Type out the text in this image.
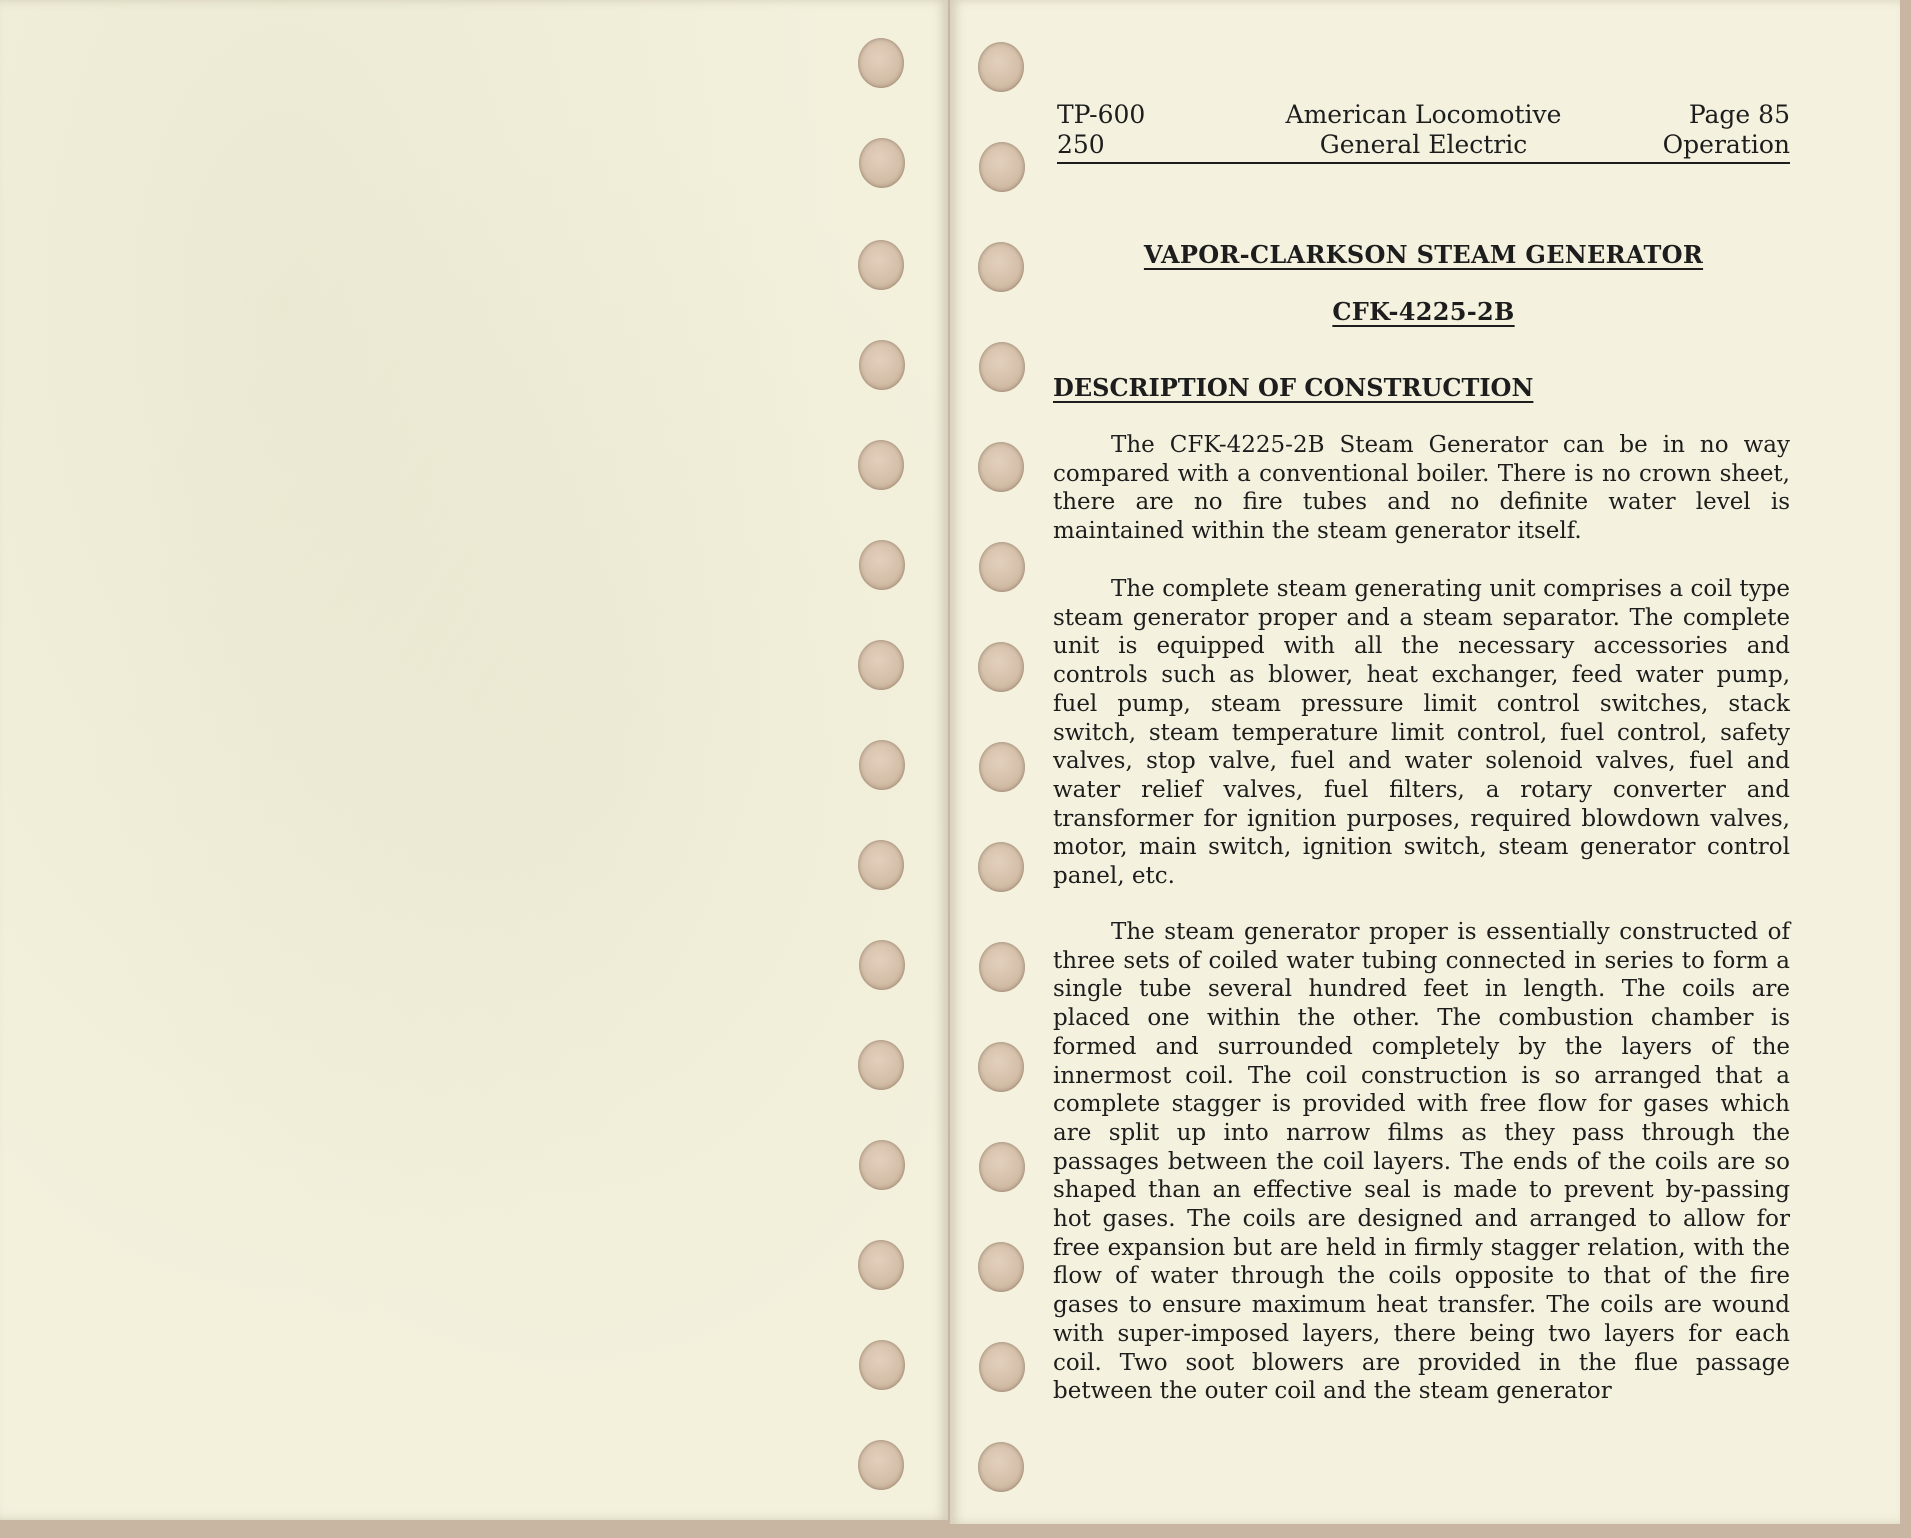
TP-600
250
American Locomotive
General Electric
Page 85
Operation
VAPOR-CLARKSON STEAM GENERATOR
CFK-4225-2B
DESCRIPTION OF CONSTRUCTION

The CFK-4225-2B Steam Generator can be in no way compared with a conventional boiler. There is no crown sheet, there are no fire tubes and no definite water level is maintained within the steam generator itself.

The complete steam generating unit comprises a coil type steam generator proper and a steam separator. The complete unit is equipped with all the necessary accessories and controls such as blower, heat exchanger, feed water pump, fuel pump, steam pressure limit control switches, stack switch, steam temperature limit control, fuel control, safety valves, stop valve, fuel and water solenoid valves, fuel and water relief valves, fuel filters, a rotary converter and transformer for ignition purposes, required blowdown valves, motor, main switch, ignition switch, steam generator control panel, etc.

The steam generator proper is essentially constructed of three sets of coiled water tubing connected in series to form a single tube several hundred feet in length. The coils are placed one within the other. The combustion chamber is formed and surrounded completely by the layers of the innermost coil. The coil construction is so arranged that a complete stagger is provided with free flow for gases which are split up into narrow films as they pass through the passages between the coil layers. The ends of the coils are so shaped than an effective seal is made to prevent by-passing hot gases. The coils are designed and arranged to allow for free expansion but are held in firmly stagger relation, with the flow of water through the coils opposite to that of the fire gases to ensure maximum heat transfer. The coils are wound with super-imposed layers, there being two layers for each coil. Two soot blowers are provided in the flue passage between the outer coil and the steam generator
